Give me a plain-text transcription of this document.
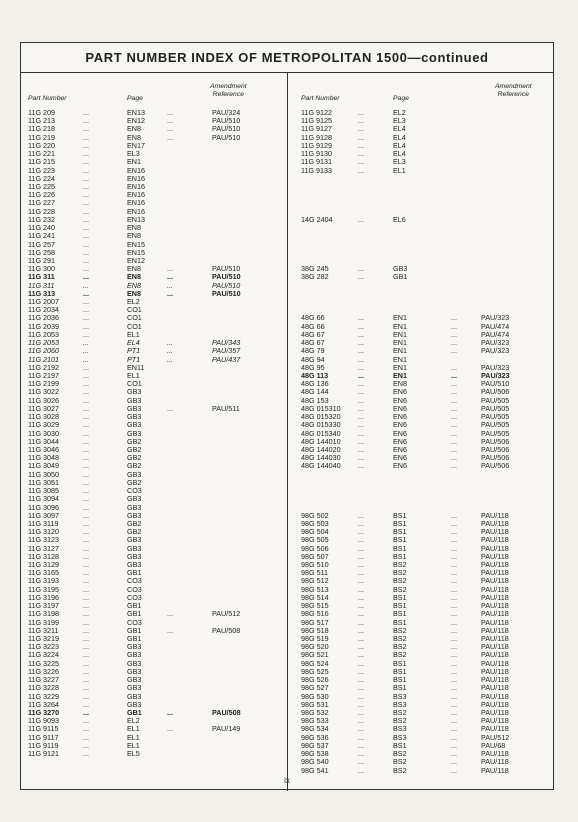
PART NUMBER INDEX OF METROPOLITAN 1500—continued
Part Number	Page
Amendment
Reference
11G 209	...	EN13	...	PAU/324
11G 213	...	EN12	...	PAU/510
11G 218	...	EN8	...	PAU/510
11G 219	...	EN8	...	PAU/510
11G 220	...	EN17
11G 221	...	EL3
11G 215	...	EN1
11G 223	...	EN16
11G 224	...	EN16
11G 225	...	EN16
11G 226	...	EN16
11G 227	...	EN16
11G 228	...	EN16
11G 232	...	EN13
11G 240	...	EN8
11G 241	...	EN8
11G 257	...	EN15
11G 258	...	EN15
11G 291	...	EN12
11G 300	...	EN8	...	PAU/510
11G 311	...	EN8	...	PAU/510
11G 311	...	EN8	...	PAU/510
11G 313	...	EN8	...	PAU/510
11G 2007	...	EL2
11G 2034	...	CO1
11G 2036	...	CO1
11G 2039	...	CO1
11G 2053	...	EL1
11G 2053	...	EL4	...	PAU/343
11G 2060	...	PT1	...	PAU/357
11G 2101	...	PT1	...	PAU/437
11G 2192	...	EN11
11G 2197	...	EL1
11G 2199	...	CO1
11G 3022	...	GB3
11G 3026	...	GB3
11G 3027	...	GB3	...	PAU/511
11G 3028	...	GB3
11G 3029	...	GB3
11G 3030	...	GB3
11G 3044	...	GB2
11G 3046	...	GB2
11G 3048	...	GB2
11G 3049	...	GB2
11G 3050	...	GB3
11G 3051	...	GB2
11G 3085	...	CO3
11G 3094	...	GB3
11G 3096	...	GB3
11G 3097	...	GB3
11G 3119	...	GB2
11G 3120	...	GB2
11G 3123	...	GB3
11G 3127	...	GB3
11G 3128	...	GB3
11G 3129	...	GB3
11G 3165	...	GB1
11G 3193	...	CO3
11G 3195	...	CO3
11G 3196	...	CO3
11G 3197	...	GB1
11G 3198	...	GB1	...	PAU/512
11G 3199	...	CO3
11G 3211	...	GB1	...	PAU/508
11G 3219	...	GB1
11G 3223	...	GB3
11G 3224	...	GB3
11G 3225	...	GB3
11G 3226	...	GB3
11G 3227	...	GB3
11G 3228	...	GB3
11G 3229	...	GB3
11G 3264	...	GB3
11G 3270	...	GB1	...	PAU/508
11G 9093	...	EL2
11G 9115	...	EL1	...	PAU/149
11G 9117	...	EL1
11G 9119	...	EL1
11G 9121	...	EL5
Part Number	Page
Amendment
Reference
11G 9122	...	EL2
11G 9125	...	EL3
11G 9127	...	EL4
11G 9128	...	EL4
11G 9129	...	EL4
11G 9130	...	EL4
11G 9131	...	EL3
11G 9133	...	EL1
14G 2404	...	EL6
38G 245	...	GB3
38G 282	...	GB1
48G 66	...	EN1	...	PAU/323
48G 66	...	EN1	...	PAU/474
48G 67	...	EN1	...	PAU/474
48G 67	...	EN1	...	PAU/323
48G 79	...	EN1	...	PAU/323
48G 94	...	EN1
48G 95	...	EN1	...	PAU/323
48G 113	...	EN1	...	PAU/323
48G 136	...	EN8	...	PAU/510
48G 144	...	EN6	...	PAU/506
48G 153	...	EN6	...	PAU/505
48G 015310 ...	EN6	...	PAU/505
48G 015320 ...	EN6	...	PAU/505
48G 015330 ...	EN6	...	PAU/505
48G 015340 ...	EN6	...	PAU/505
48G 144010 ...	EN6	...	PAU/506
48G 144020 ...	EN6	...	PAU/506
48G 144030 ...	EN6	...	PAU/506
48G 144040 ...	EN6	...	PAU/506
98G 502	...	BS1	...	PAU/118
98G 503	...	BS1	...	PAU/118
98G 504	...	BS1	...	PAU/118
98G 505	...	BS1	...	PAU/118
98G 506	...	BS1	...	PAU/118
98G 507	...	BS1	...	PAU/118
98G 510	...	BS2	...	PAU/118
98G 511	...	BS2	...	PAU/118
98G 512	...	BS2	...	PAU/118
98G 513	...	BS2	...	PAU/118
98G 514	...	BS1	...	PAU/118
98G 515	...	BS1	...	PAU/118
98G 516	...	BS1	...	PAU/118
98G 517	...	BS1	...	PAU/118
98G 518	...	BS2	...	PAU/118
98G 519	...	BS2	...	PAU/118
98G 520	...	BS2	...	PAU/118
98G 521	...	BS2	...	PAU/118
98G 524	...	BS1	...	PAU/118
98G 525	...	BS1	...	PAU/118
98G 526	...	BS1	...	PAU/118
98G 527	...	BS1	...	PAU/118
98G 530	...	BS3	...	PAU/118
98G 531	...	BS3	...	PAU/118
98G 532	...	BS2	...	PAU/118
98G 533	...	BS2	...	PAU/118
98G 534	...	BS3	...	PAU/118
98G 536	...	BS3	...	PAU/512
98G 537	...	BS1	...	PAU/68
98G 538	...	BS2	...	PAU/118
98G 540	...	BS2	...	PAU/118
98G 541	...	BS2	...	PAU/118
ix
